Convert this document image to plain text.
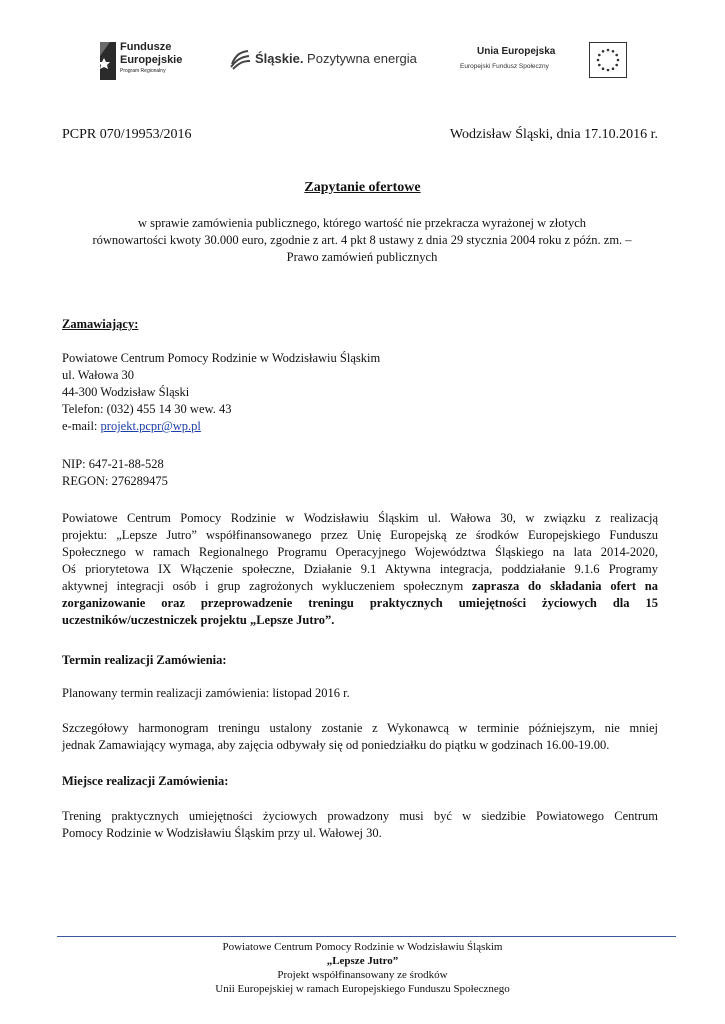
Fundusze
Europejskie
Program Regionalny
Śląskie. Pozytywna energia	Unia Europejska
Europejski Fundusz Społeczny
PCPR 070/19953/2016	Wodzisław Śląski, dnia 17.10.2016 r.
Zapytanie ofertowe
w sprawie zamówienia publicznego, którego wartość nie przekracza wyrażonej w złotych
równowartości kwoty 30.000 euro, zgodnie z art. 4 pkt 8 ustawy z dnia 29 stycznia 2004 roku z późn. zm. –
Prawo zamówień publicznych
Zamawiający:
Powiatowe Centrum Pomocy Rodzinie w Wodzisławiu Śląskim
ul. Wałowa 30
44-300 Wodzisław Śląski
Telefon: (032) 455 14 30 wew. 43
e-mail: projekt.pcpr@wp.pl
NIP: 647-21-88-528
REGON: 276289475
Powiatowe Centrum Pomocy Rodzinie w Wodzisławiu Śląskim ul. Wałowa 30, w związku z realizacją
projektu: „Lepsze Jutro” współfinansowanego przez Unię Europejską ze środków Europejskiego Funduszu
Społecznego w ramach Regionalnego Programu Operacyjnego Województwa Śląskiego na lata 2014-2020,
Oś priorytetowa IX Włączenie społeczne, Działanie 9.1 Aktywna integracja, poddziałanie 9.1.6 Programy
aktywnej integracji osób i grup zagrożonych wykluczeniem społecznym zaprasza do składania ofert na
zorganizowanie oraz przeprowadzenie treningu praktycznych umiejętności życiowych dla 15
uczestników/uczestniczek projektu „Lepsze Jutro”.
Termin realizacji Zamówienia:
Planowany termin realizacji zamówienia: listopad 2016 r.
Szczegółowy harmonogram treningu ustalony zostanie z Wykonawcą w terminie późniejszym, nie mniej
jednak Zamawiający wymaga, aby zajęcia odbywały się od poniedziałku do piątku w godzinach 16.00-19.00.
Miejsce realizacji Zamówienia:
Trening praktycznych umiejętności życiowych prowadzony musi być w siedzibie Powiatowego Centrum
Pomocy Rodzinie w Wodzisławiu Śląskim przy ul. Wałowej 30.
Powiatowe Centrum Pomocy Rodzinie w Wodzisławiu Śląskim
„Lepsze Jutro”
Projekt współfinansowany ze środków
Unii Europejskiej w ramach Europejskiego Funduszu Społecznego
